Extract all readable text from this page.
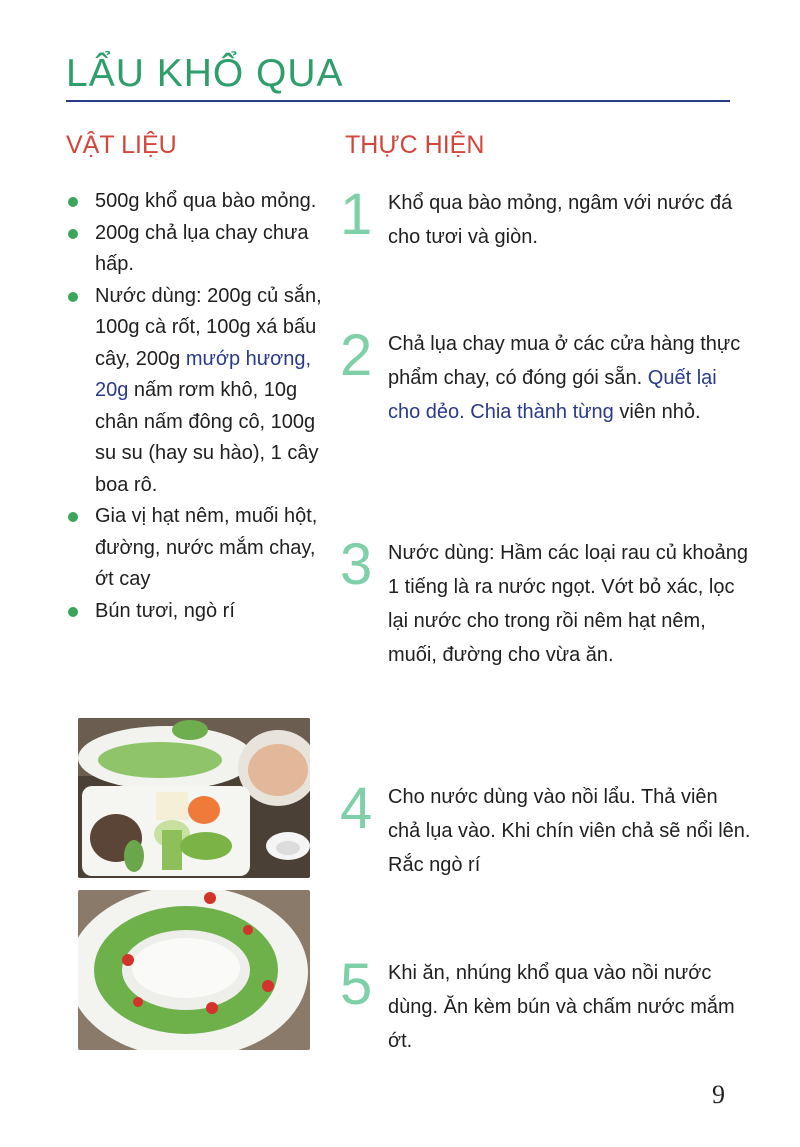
LẨU KHỔ QUA
VẬT LIỆU	THỰC HIỆN
500g khổ qua bào mỏng.
200g chả lụa chay chưa hấp.
Nước dùng: 200g củ sắn, 100g cà rốt, 100g xá bấu cây, 200g mướp hương, 20g nấm rơm khô, 10g chân nấm đông cô, 100g su su (hay su hào), 1 cây boa rô.
Gia vị hạt nêm, muối hột, đường, nước mắm chay, ớt cay
Bún tươi, ngò rí
1 Khổ qua bào mỏng, ngâm với nước đá cho tươi và giòn.

2 Chả lụa chay mua ở các cửa hàng thực phẩm chay, có đóng gói sẵn. Quết lại cho dẻo. Chia thành từng viên nhỏ.

3 Nước dùng: Hầm các loại rau củ khoảng 1 tiếng là ra nước ngọt. Vớt bỏ xác, lọc lại nước cho trong rồi nêm hạt nêm, muối, đường cho vừa ăn.

4 Cho nước dùng vào nồi lẩu. Thả viên chả lụa vào. Khi chín viên chả sẽ nổi lên. Rắc ngò rí

5 Khi ăn, nhúng khổ qua vào nồi nước dùng. Ăn kèm bún và chấm nước mắm ớt.

9
